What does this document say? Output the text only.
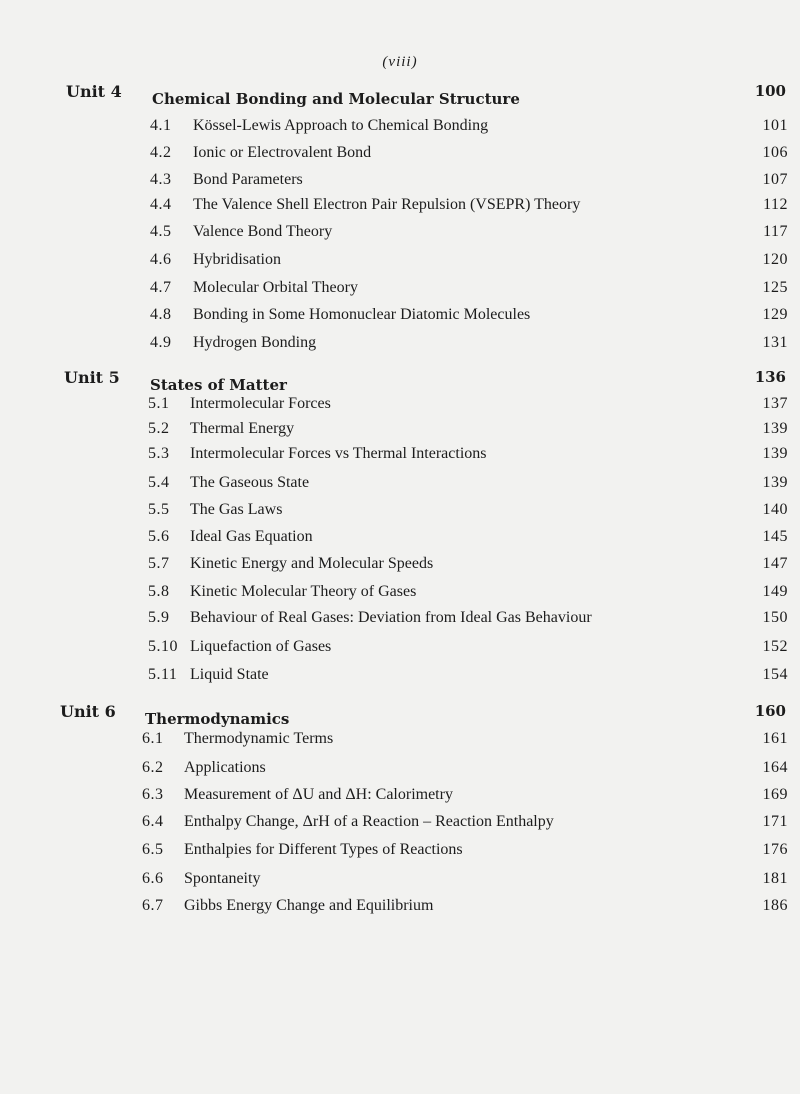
(viii)
Unit 4 Chemical Bonding and Molecular Structure	100
4.1 Kössel-Lewis Approach to Chemical Bonding	101
4.2 Ionic or Electrovalent Bond	106
4.3 Bond Parameters	107
4.4 The Valence Shell Electron Pair Repulsion (VSEPR) Theory	112
4.5 Valence Bond Theory	117
4.6 Hybridisation	120
4.7 Molecular Orbital Theory	125
4.8 Bonding in Some Homonuclear Diatomic Molecules	129
4.9 Hydrogen Bonding	131
Unit 5 States of Matter	136
5.1 Intermolecular Forces	137
5.2 Thermal Energy	139
5.3 Intermolecular Forces vs Thermal Interactions	139
5.4 The Gaseous State	139
5.5 The Gas Laws	140
5.6 Ideal Gas Equation	145
5.7 Kinetic Energy and Molecular Speeds	147
5.8 Kinetic Molecular Theory of Gases	149
5.9 Behaviour of Real Gases: Deviation from Ideal Gas Behaviour	150
5.10 Liquefaction of Gases	152
5.11 Liquid State	154
Unit 6 Thermodynamics	160
6.1 Thermodynamic Terms	161
6.2 Applications	164
6.3 Measurement of ΔU and ΔH: Calorimetry	169
6.4 Enthalpy Change, ΔrH of a Reaction – Reaction Enthalpy	171
6.5 Enthalpies for Different Types of Reactions	176
6.6 Spontaneity	181
6.7 Gibbs Energy Change and Equilibrium	186
